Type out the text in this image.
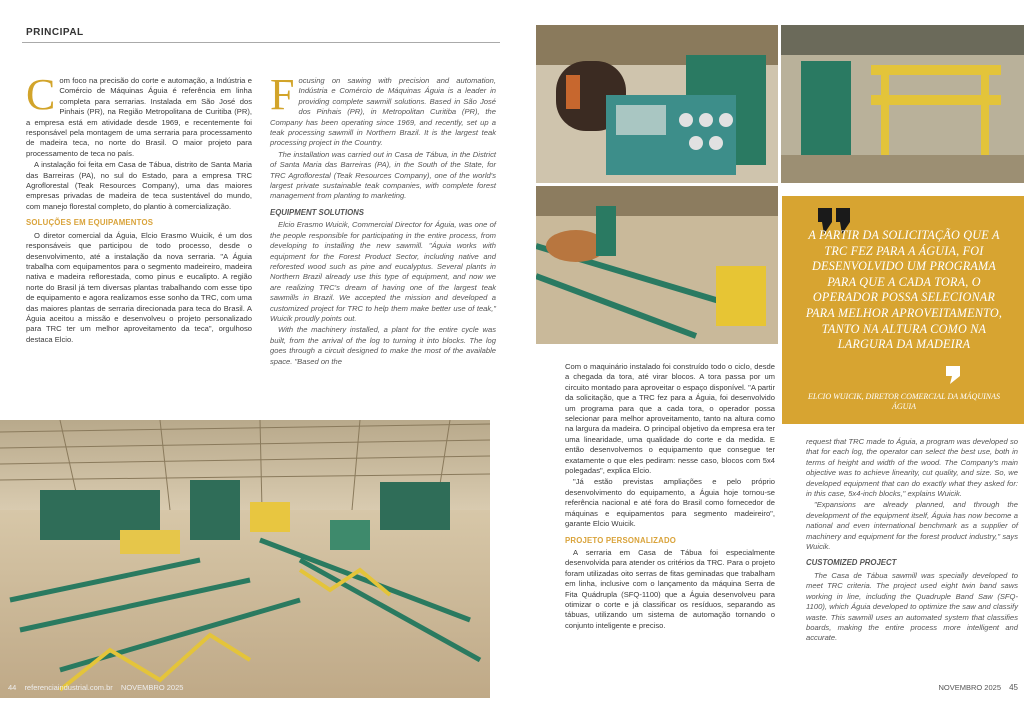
PRINCIPAL

Com foco na precisão do corte e automação, a Indústria e Comércio de Máquinas Águia é referência em linha completa para serrarias. Instalada em São José dos Pinhais (PR), na Região Metropolitana de Curitiba (PR), a empresa está em atividade desde 1969, e recentemente foi responsável pela montagem de uma serraria para processamento de madeira teca, no norte do Brasil. O maior projeto para processamento de teca no país.

A instalação foi feita em Casa de Tábua, distrito de Santa Maria das Barreiras (PA), no sul do Estado, para a empresa TRC Agroflorestal (Teak Resources Company), uma das maiores empresas privadas de madeira de teca sustentável do mundo, com manejo florestal completo, do plantio à comercialização.

SOLUÇÕES EM EQUIPAMENTOS

O diretor comercial da Águia, Elcio Erasmo Wuicik, é um dos responsáveis que participou de todo processo, desde o desenvolvimento, até a instalação da nova serraria. "A Águia trabalha com equipamentos para o segmento madeireiro, madeira nativa e madeira reflorestada, como pinus e eucalipto. A região norte do Brasil já tem diversas plantas trabalhando com esse tipo de equipamento e agora realizamos esse sonho da TRC, com uma das maiores plantas de serraria direcionada para teca do Brasil. A Águia aceitou a missão e desenvolveu o projeto personalizado para TRC ter um melhor aproveitamento da teca", orgulhoso destaca Elcio.

Focusing on sawing with precision and automation, Indústria e Comércio de Máquinas Águia is a leader in providing complete sawmill solutions. Based in São José dos Pinhais (PR), in Metropolitan Curitiba (PR), the Company has been operating since 1969, and recently, set up a teak processing sawmill in Northern Brazil. It is the largest teak processing project in the Country.

The installation was carried out in Casa de Tábua, in the District of Santa Maria das Barreiras (PA), in the South of the State, for TRC Agroflorestal (Teak Resources Company), one of the world's largest private sustainable teak companies, with complete forest management from planting to marketing.

EQUIPMENT SOLUTIONS

Elcio Erasmo Wuicik, Commercial Director for Águia, was one of the people responsible for participating in the entire process, from developing to installing the new sawmill. "Águia works with equipment for the Forest Product Sector, including native and reforested wood such as pine and eucalyptus. Several plants in Northern Brazil already use this type of equipment, and now we are realizing TRC's dream of having one of the largest teak sawmills in Brazil. We accepted the mission and developed a customized project for TRC to help them make better use of teak," Wuicik proudly points out.

With the machinery installed, a plant for the entire cycle was built, from the arrival of the log to turning it into blocks. The log goes through a circuit designed to make the most of the available space. "Based on the

44 referenciaindustrial.com.br NOVEMBRO 2025
A PARTIR DA SOLICITAÇÃO QUE A TRC FEZ PARA A ÁGUIA, FOI DESENVOLVIDO UM PROGRAMA PARA QUE A CADA TORA, O OPERADOR POSSA SELECIONAR PARA MELHOR APROVEITAMENTO, TANTO NA ALTURA COMO NA LARGURA DA MADEIRA
ELCIO WUICIK, DIRETOR COMERCIAL DA MÁQUINAS ÁGUIA

Com o maquinário instalado foi construído todo o ciclo, desde a chegada da tora, até virar blocos. A tora passa por um circuito montado para aproveitar o espaço disponível. "A partir da solicitação, que a TRC fez para a Águia, foi desenvolvido um programa para que a cada tora, o operador possa selecionar para melhor aproveitamento, tanto na altura como na largura da madeira. O principal objetivo da empresa era ter uma linearidade, uma qualidade do corte e da medida. E então desenvolvemos o equipamento que conseguе ter exatamente o que eles pediram: nesse caso, blocos com 5x4 polegadas", explica Elcio.

"Já estão previstas ampliações e pelo próprio desenvolvimento do equipamento, a Águia hoje tornou-se referência nacional e até fora do Brasil como fornecedor de máquinas e equipamentos para segmento madeireiro", garante Elcio Wuicik.

PROJETO PERSONALIZADO

A serraria em Casa de Tábua foi especialmente desenvolvida para atender os critérios da TRC. Para o projeto foram utilizadas oito serras de fitas geminadas que trabalham em linha, inclusive com o lançamento da máquina Serra de Fita Quádrupla (SFQ-1100) que a Águia desenvolveu para otimizar o corte e já classificar os resíduos, separando as tábuas, utilizando um sistema de automação tornando o conjunto inteligente e preciso.

request that TRC made to Águia, a program was developed so that for each log, the operator can select the best use, both in terms of height and width of the wood. The Company's main objective was to achieve linearity, cut quality, and size. So, we developed equipment that can do exactly what they asked for: in this case, 5x4-inch blocks," explains Wuicik.

"Expansions are already planned, and through the development of the equipment itself, Águia has now become a national and even international benchmark as a supplier of machinery and equipment for the forest product industry," says Wuicik.

CUSTOMIZED PROJECT

The Casa de Tábua sawmill was specially developed to meet TRC criteria. The project used eight twin band saws working in line, including the Quadruple Band Saw (SFQ-1100), which Águia developed to optimize the saw and classify waste. This sawmill uses an automated system that classifies boards, making the entire process more intelligent and accurate.

NOVEMBRO 2025 45
